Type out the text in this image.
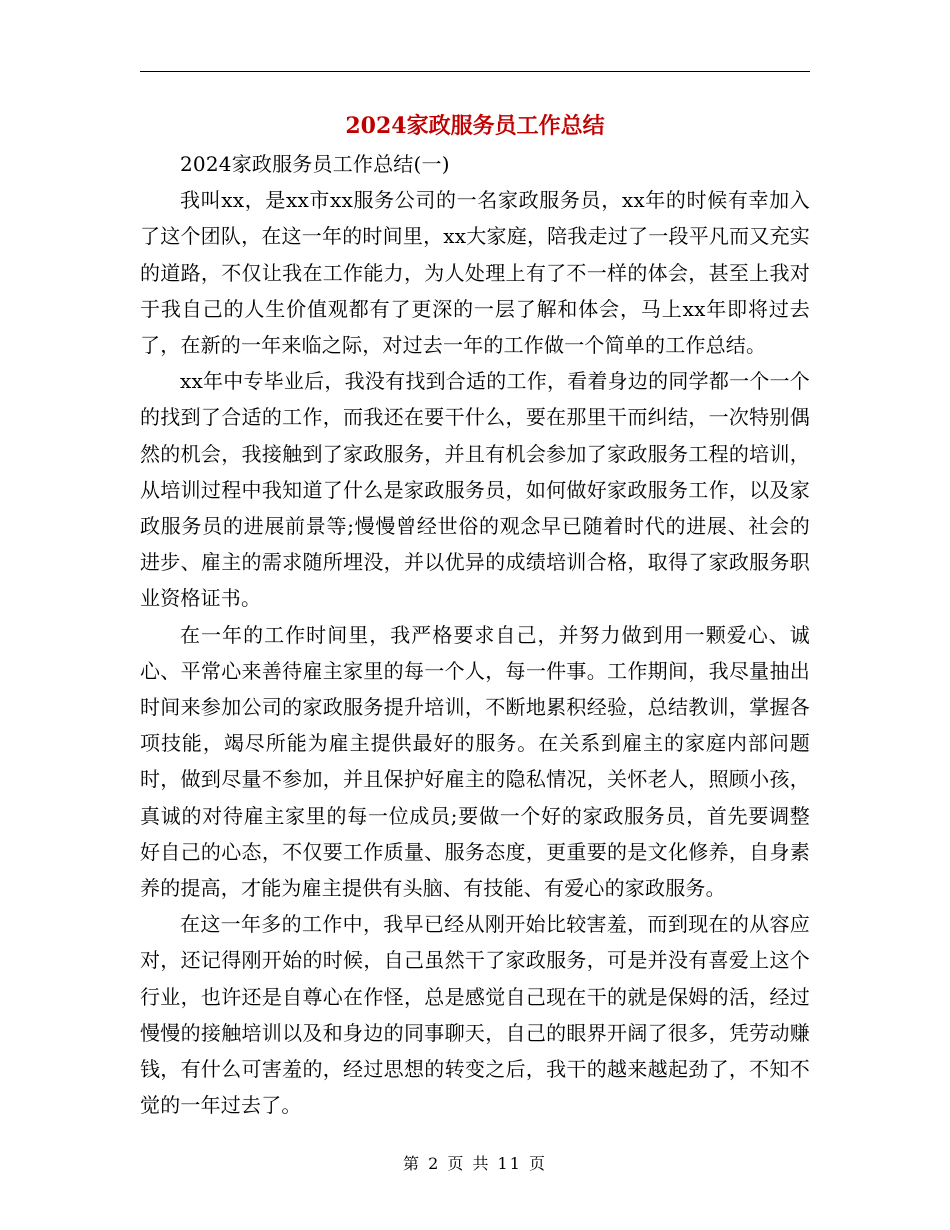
2024家政服务员工作总结

2024家政服务员工作总结(一)

我叫xx，是xx市xx服务公司的一名家政服务员，xx年的时候有幸加入了这个团队，在这一年的时间里，xx大家庭，陪我走过了一段平凡而又充实的道路，不仅让我在工作能力，为人处理上有了不一样的体会，甚至上我对于我自己的人生价值观都有了更深的一层了解和体会，马上xx年即将过去了，在新的一年来临之际，对过去一年的工作做一个简单的工作总结。

xx年中专毕业后，我没有找到合适的工作，看着身边的同学都一个一个的找到了合适的工作，而我还在要干什么，要在那里干而纠结，一次特别偶然的机会，我接触到了家政服务，并且有机会参加了家政服务工程的培训，从培训过程中我知道了什么是家政服务员，如何做好家政服务工作，以及家政服务员的进展前景等;慢慢曾经世俗的观念早已随着时代的进展、社会的进步、雇主的需求随所埋没，并以优异的成绩培训合格，取得了家政服务职业资格证书。

在一年的工作时间里，我严格要求自己，并努力做到用一颗爱心、诚心、平常心来善待雇主家里的每一个人，每一件事。工作期间，我尽量抽出时间来参加公司的家政服务提升培训，不断地累积经验，总结教训，掌握各项技能，竭尽所能为雇主提供最好的服务。在关系到雇主的家庭内部问题时，做到尽量不参加，并且保护好雇主的隐私情况，关怀老人，照顾小孩，真诚的对待雇主家里的每一位成员;要做一个好的家政服务员，首先要调整好自己的心态，不仅要工作质量、服务态度，更重要的是文化修养，自身素养的提高，才能为雇主提供有头脑、有技能、有爱心的家政服务。

在这一年多的工作中，我早已经从刚开始比较害羞，而到现在的从容应对，还记得刚开始的时候，自己虽然干了家政服务，可是并没有喜爱上这个行业，也许还是自尊心在作怪，总是感觉自己现在干的就是保姆的活，经过慢慢的接触培训以及和身边的同事聊天，自己的眼界开阔了很多，凭劳动赚钱，有什么可害羞的，经过思想的转变之后，我干的越来越起劲了，不知不觉的一年过去了。

第 2 页 共 11 页
